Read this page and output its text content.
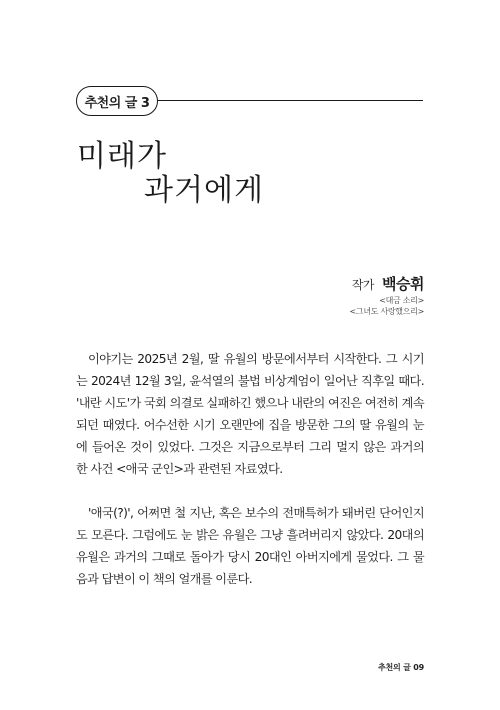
추천의 글 3
미래가
과거에게
작가 백승휘
<대금 소리>
<그녀도 사랑했으리>

이야기는 2025년 2월, 딸 유월의 방문에서부터 시작한다. 그 시기는 2024년 12월 3일, 윤석열의 불법 비상계엄이 일어난 직후일 때다. '내란 시도'가 국회 의결로 실패하긴 했으나 내란의 여진은 여전히 계속되던 때였다. 어수선한 시기 오랜만에 집을 방문한 그의 딸 유월의 눈에 들어온 것이 있었다. 그것은 지금으로부터 그리 멀지 않은 과거의 한 사건 <애국 군인>과 관련된 자료였다.

'애국(?)', 어쩌면 철 지난, 혹은 보수의 전매특허가 돼버린 단어인지도 모른다. 그럼에도 눈 밝은 유월은 그냥 흘려버리지 않았다. 20대의 유월은 과거의 그때로 돌아가 당시 20대인 아버지에게 물었다. 그 물음과 답변이 이 책의 얼개를 이룬다.

추천의 글 09
